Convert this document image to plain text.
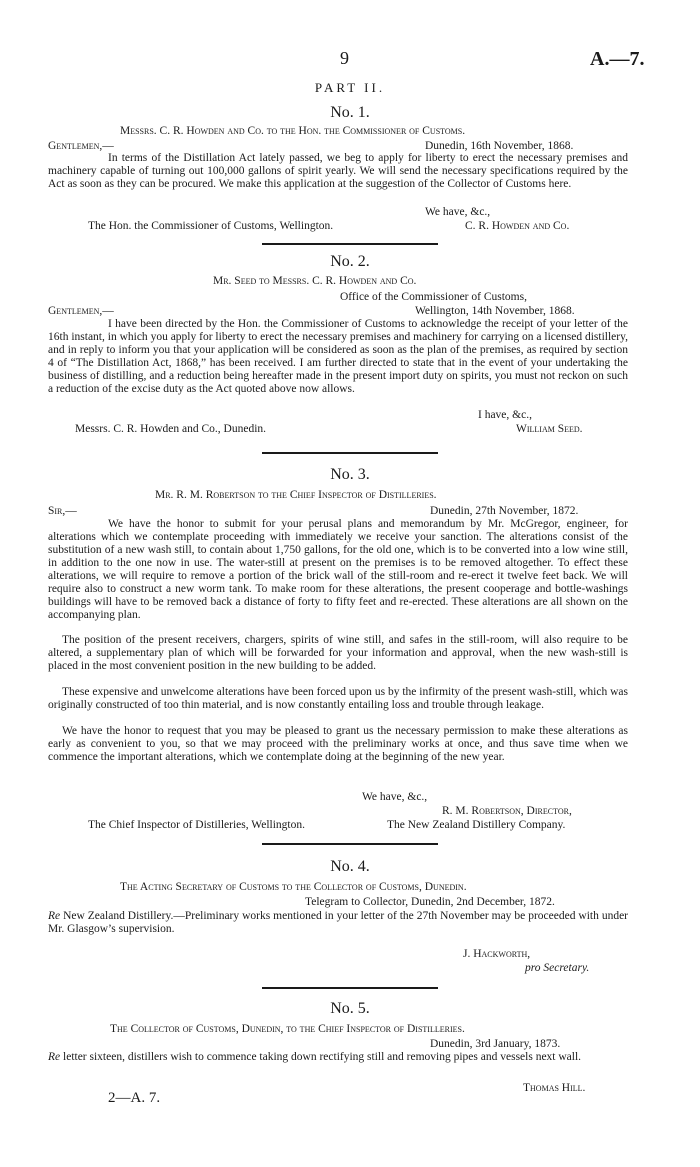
9	A.—7.
PART II.
No. 1.
Messrs. C. R. Howden and Co. to the Hon. the Commissioner of Customs.
Gentlemen,—	Dunedin, 16th November, 1868.

In terms of the Distillation Act lately passed, we beg to apply for liberty to erect the necessary premises and machinery capable of turning out 100,000 gallons of spirit yearly. We will send the necessary specifications required by the Act as soon as they can be procured. We make this application at the suggestion of the Collector of Customs here.

We have, &c.,
The Hon. the Commissioner of Customs, Wellington.	C. R. Howden and Co.
No. 2.
Mr. Seed to Messrs. C. R. Howden and Co.
Office of the Commissioner of Customs,
Gentlemen,—	Wellington, 14th November, 1868.

I have been directed by the Hon. the Commissioner of Customs to acknowledge the receipt of your letter of the 16th instant, in which you apply for liberty to erect the necessary premises and machinery for carrying on a licensed distillery, and in reply to inform you that your application will be considered as soon as the plan of the premises, as required by section 4 of “The Distillation Act, 1868,” has been received. I am further directed to state that in the event of your undertaking the business of distilling, and a reduction being hereafter made in the present import duty on spirits, you must not reckon on such a reduction of the excise duty as the Act quoted above now allows.

I have, &c.,
Messrs. C. R. Howden and Co., Dunedin.	William Seed.
No. 3.
Mr. R. M. Robertson to the Chief Inspector of Distilleries.
Sir,—	Dunedin, 27th November, 1872.

We have the honor to submit for your perusal plans and memorandum by Mr. McGregor, engineer, for alterations which we contemplate proceeding with immediately we receive your sanction. The alterations consist of the substitution of a new wash still, to contain about 1,750 gallons, for the old one, which is to be converted into a low wine still, in addition to the one now in use. The water-still at present on the premises is to be removed altogether. To effect these alterations, we will require to remove a portion of the brick wall of the still-room and re-erect it twelve feet back. We will require also to construct a new worm tank. To make room for these alterations, the present cooperage and bottle-washings buildings will have to be removed back a distance of forty to fifty feet and re-erected. These alterations are all shown on the accompanying plan.

The position of the present receivers, chargers, spirits of wine still, and safes in the still-room, will also require to be altered, a supplementary plan of which will be forwarded for your information and approval, when the new wash-still is placed in the most convenient position in the new building to be added.

These expensive and unwelcome alterations have been forced upon us by the infirmity of the present wash-still, which was originally constructed of too thin material, and is now constantly entailing loss and trouble through leakage.

We have the honor to request that you may be pleased to grant us the necessary permission to make these alterations as early as convenient to you, so that we may proceed with the preliminary works at once, and thus save time when we commence the important alterations, which we contemplate doing at the beginning of the new year.

We have, &c.,
R. M. Robertson, Director,
The Chief Inspector of Distilleries, Wellington.	The New Zealand Distillery Company.
No. 4.
The Acting Secretary of Customs to the Collector of Customs, Dunedin.
Telegram to Collector, Dunedin, 2nd December, 1872.

Re New Zealand Distillery.—Preliminary works mentioned in your letter of the 27th November may be proceeded with under Mr. Glasgow’s supervision.

J. Hackworth,
pro Secretary.
No. 5.
The Collector of Customs, Dunedin, to the Chief Inspector of Distilleries.
Dunedin, 3rd January, 1873.

Re letter sixteen, distillers wish to commence taking down rectifying still and removing pipes and vessels next wall.

Thomas Hill.
2—A. 7.
